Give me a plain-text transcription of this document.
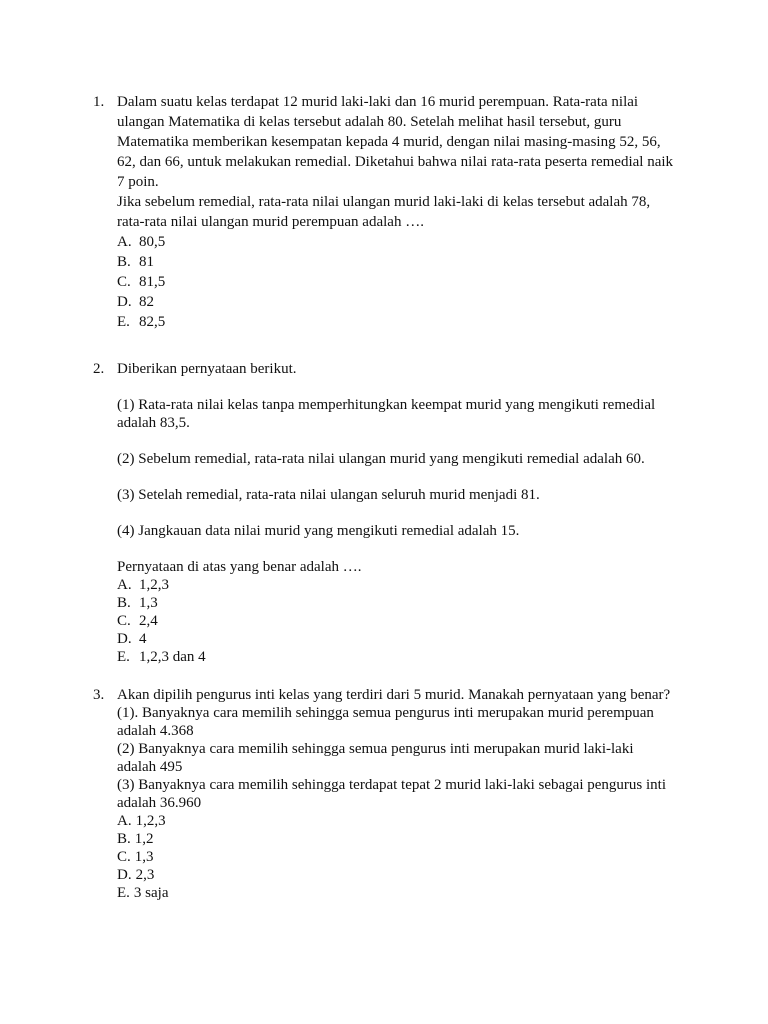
1. Dalam suatu kelas terdapat 12 murid laki-laki dan 16 murid perempuan. Rata-rata nilai
ulangan Matematika di kelas tersebut adalah 80. Setelah melihat hasil tersebut, guru
Matematika memberikan kesempatan kepada 4 murid, dengan nilai masing-masing 52, 56,
62, dan 66, untuk melakukan remedial. Diketahui bahwa nilai rata-rata peserta remedial naik
7 poin.
Jika sebelum remedial, rata-rata nilai ulangan murid laki-laki di kelas tersebut adalah 78,
rata-rata nilai ulangan murid perempuan adalah ….
A. 80,5
B. 81
C. 81,5
D. 82
E. 82,5
2. Diberikan pernyataan berikut.
(1) Rata-rata nilai kelas tanpa memperhitungkan keempat murid yang mengikuti remedial
adalah 83,5.
(2) Sebelum remedial, rata-rata nilai ulangan murid yang mengikuti remedial adalah 60.
(3) Setelah remedial, rata-rata nilai ulangan seluruh murid menjadi 81.
(4) Jangkauan data nilai murid yang mengikuti remedial adalah 15.
Pernyataan di atas yang benar adalah ….
A. 1,2,3
B. 1,3
C. 2,4
D. 4
E. 1,2,3 dan 4
3. Akan dipilih pengurus inti kelas yang terdiri dari 5 murid. Manakah pernyataan yang benar?
(1). Banyaknya cara memilih sehingga semua pengurus inti merupakan murid perempuan
adalah 4.368
(2) Banyaknya cara memilih sehingga semua pengurus inti merupakan murid laki-laki
adalah 495
(3) Banyaknya cara memilih sehingga terdapat tepat 2 murid laki-laki sebagai pengurus inti
adalah 36.960
A. 1,2,3
B. 1,2
C. 1,3
D. 2,3
E. 3 saja
